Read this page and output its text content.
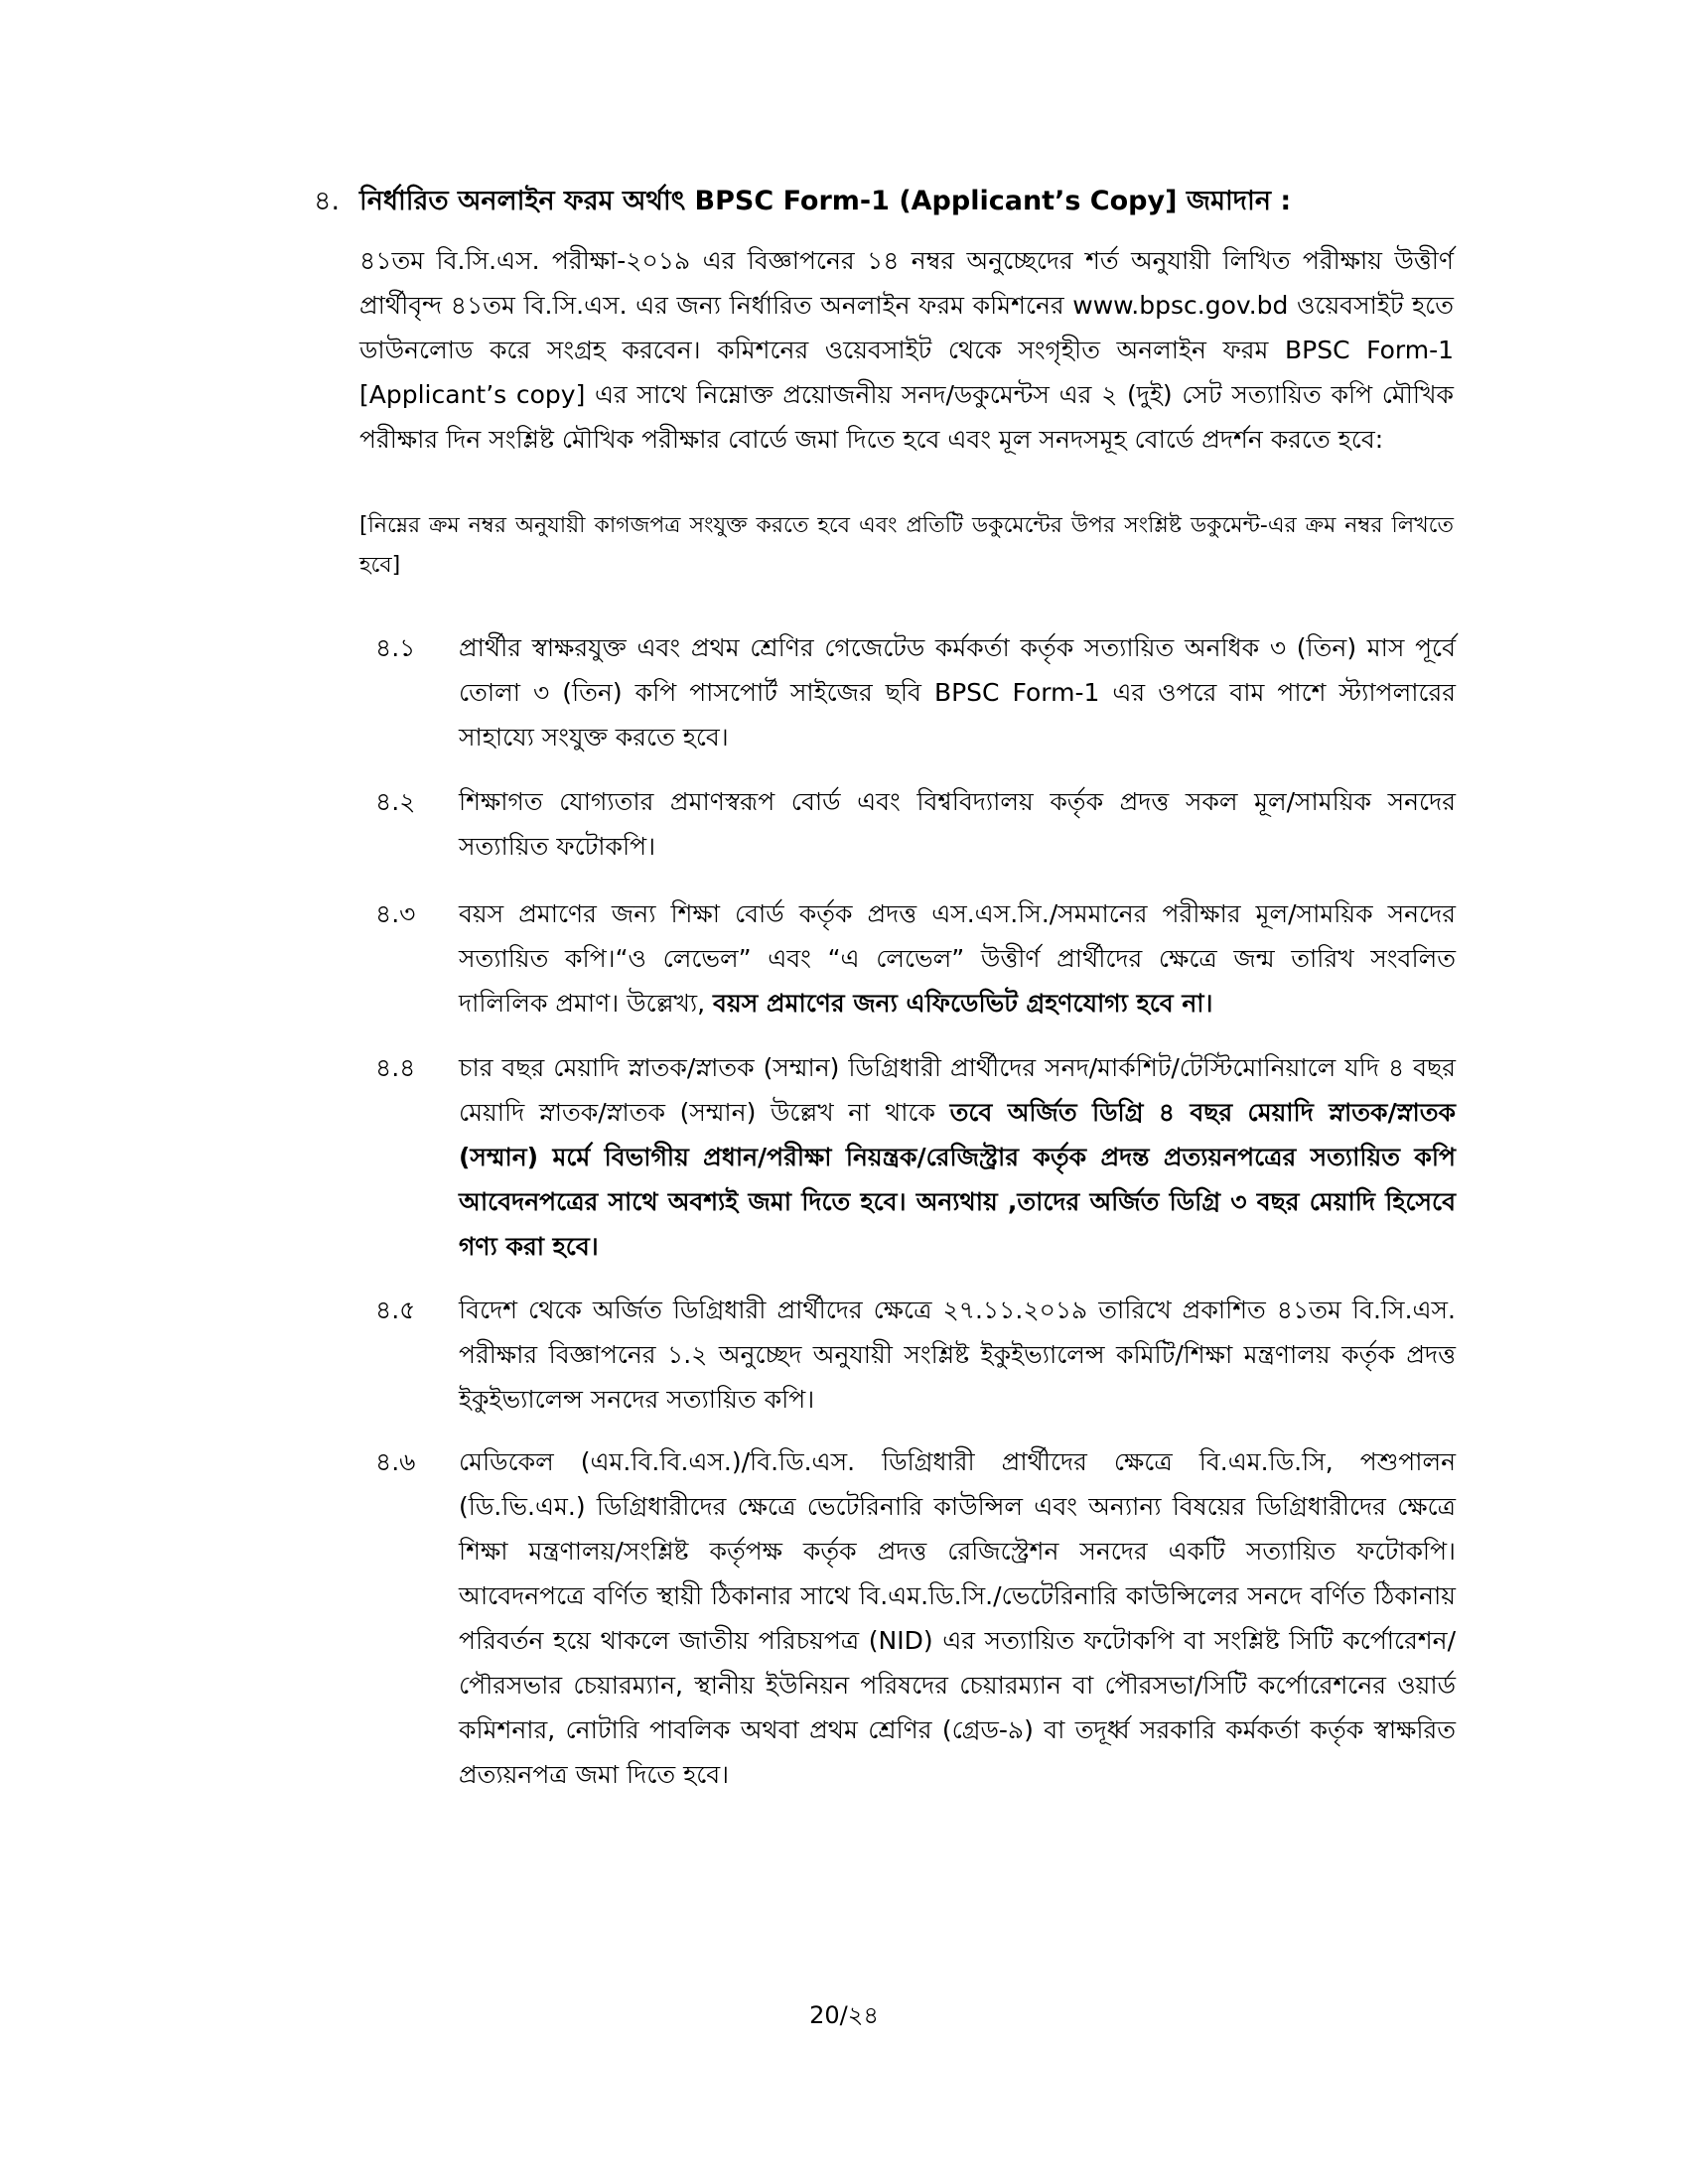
৪. নির্ধারিত অনলাইন ফরম অর্থাৎ BPSC Form-1 (Applicant’s Copy] জমাদান :
৪১তম বি.সি.এস. পরীক্ষা-২০১৯ এর বিজ্ঞাপনের ১৪ নম্বর অনুচ্ছেদের শর্ত অনুযায়ী লিখিত পরীক্ষায় উত্তীর্ণ প্রার্থীবৃন্দ ৪১তম বি.সি.এস. এর জন্য নির্ধারিত অনলাইন ফরম কমিশনের www.bpsc.gov.bd ওয়েবসাইট হতে ডাউনলোড করে সংগ্রহ করবেন। কমিশনের ওয়েবসাইট থেকে সংগৃহীত অনলাইন ফরম BPSC Form-1 [Applicant’s copy] এর সাথে নিম্নোক্ত প্রয়োজনীয় সনদ/ডকুমেন্টস এর ২ (দুই) সেট সত্যায়িত কপি মৌখিক পরীক্ষার দিন সংশ্লিষ্ট মৌখিক পরীক্ষার বোর্ডে জমা দিতে হবে এবং মূল সনদসমূহ বোর্ডে প্রদর্শন করতে হবে:
[নিম্নের ক্রম নম্বর অনুযায়ী কাগজপত্র সংযুক্ত করতে হবে এবং প্রতিটি ডকুমেন্টের উপর সংশ্লিষ্ট ডকুমেন্ট-এর ক্রম নম্বর লিখতে হবে]
৪.১ প্রার্থীর স্বাক্ষরযুক্ত এবং প্রথম শ্রেণির গেজেটেড কর্মকর্তা কর্তৃক সত্যায়িত অনধিক ৩ (তিন) মাস পূর্বে তোলা ৩ (তিন) কপি পাসপোর্ট সাইজের ছবি BPSC Form-1 এর ওপরে বাম পাশে স্ট্যাপলারের সাহায্যে সংযুক্ত করতে হবে।
৪.২ শিক্ষাগত যোগ্যতার প্রমাণস্বরূপ বোর্ড এবং বিশ্ববিদ্যালয় কর্তৃক প্রদত্ত সকল মূল/সাময়িক সনদের সত্যায়িত ফটোকপি।
৪.৩ বয়স প্রমাণের জন্য শিক্ষা বোর্ড কর্তৃক প্রদত্ত এস.এস.সি./সমমানের পরীক্ষার মূল/সাময়িক সনদের সত্যায়িত কপি।“ও লেভেল” এবং “এ লেভেল” উত্তীর্ণ প্রার্থীদের ক্ষেত্রে জন্ম তারিখ সংবলিত দালিলিক প্রমাণ। উল্লেখ্য, বয়স প্রমাণের জন্য এফিডেভিট গ্রহণযোগ্য হবে না।
৪.৪ চার বছর মেয়াদি স্নাতক/স্নাতক (সম্মান) ডিগ্রিধারী প্রার্থীদের সনদ/মার্কশিট/টেস্টিমোনিয়ালে যদি ৪ বছর মেয়াদি স্নাতক/স্নাতক (সম্মান) উল্লেখ না থাকে তবে অর্জিত ডিগ্রি ৪ বছর মেয়াদি স্নাতক/স্নাতক (সম্মান) মর্মে বিভাগীয় প্রধান/পরীক্ষা নিয়ন্ত্রক/রেজিস্ট্রার কর্তৃক প্রদন্ত প্রত্যয়নপত্রের সত্যায়িত কপি আবেদনপত্রের সাথে অবশ্যই জমা দিতে হবে। অন্যথায় ,তাদের অর্জিত ডিগ্রি ৩ বছর মেয়াদি হিসেবে গণ্য করা হবে।
৪.৫ বিদেশ থেকে অর্জিত ডিগ্রিধারী প্রার্থীদের ক্ষেত্রে ২৭.১১.২০১৯ তারিখে প্রকাশিত ৪১তম বি.সি.এস. পরীক্ষার বিজ্ঞাপনের ১.২ অনুচ্ছেদ অনুযায়ী সংশ্লিষ্ট ইকুইভ্যালেন্স কমিটি/শিক্ষা মন্ত্রণালয় কর্তৃক প্রদত্ত ইকুইভ্যালেন্স সনদের সত্যায়িত কপি।
৪.৬ মেডিকেল (এম.বি.বি.এস.)/বি.ডি.এস. ডিগ্রিধারী প্রার্থীদের ক্ষেত্রে বি.এম.ডি.সি, পশুপালন (ডি.ভি.এম.) ডিগ্রিধারীদের ক্ষেত্রে ভেটেরিনারি কাউন্সিল এবং অন্যান্য বিষয়ের ডিগ্রিধারীদের ক্ষেত্রে শিক্ষা মন্ত্রণালয়/সংশ্লিষ্ট কর্তৃপক্ষ কর্তৃক প্রদত্ত রেজিস্ট্রেশন সনদের একটি সত্যায়িত ফটোকপি। আবেদনপত্রে বর্ণিত স্থায়ী ঠিকানার সাথে বি.এম.ডি.সি./ভেটেরিনারি কাউন্সিলের সনদে বর্ণিত ঠিকানায় পরিবর্তন হয়ে থাকলে জাতীয় পরিচয়পত্র (NID) এর সত্যায়িত ফটোকপি বা সংশ্লিষ্ট সিটি কর্পোরেশন/পৌরসভার চেয়ারম্যান, স্থানীয় ইউনিয়ন পরিষদের চেয়ারম্যান বা পৌরসভা/সিটি কর্পোরেশনের ওয়ার্ড কমিশনার, নোটারি পাবলিক অথবা প্রথম শ্রেণির (গ্রেড-৯) বা তদূর্ধ্ব সরকারি কর্মকর্তা কর্তৃক স্বাক্ষরিত প্রত্যয়নপত্র জমা দিতে হবে।
20/২৪
